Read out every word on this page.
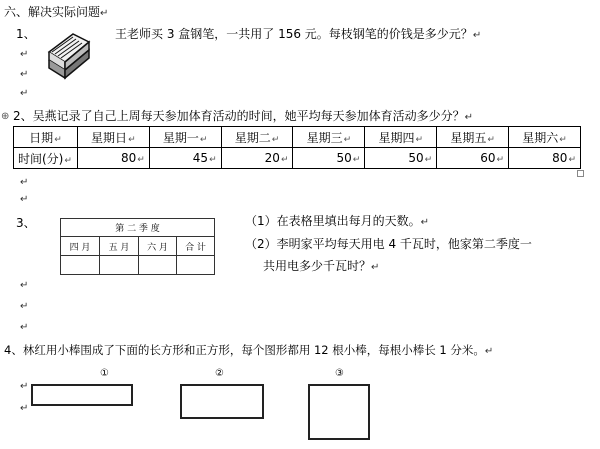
六、解决实际问题↵
1、	王老师买 3 盒钢笔，一共用了 156 元。每枝钢笔的价钱是多少元？↵
↵
↵
↵
⊕ 2、吴燕记录了自己上周每天参加体育活动的时间，她平均每天参加体育活动多少分？↵
日期↵	星期日↵	星期一↵	星期二↵	星期三↵	星期四↵	星期五↵	星期六↵
时间(分)↵	80↵	45↵	20↵	50↵	50↵	60↵	80↵
↵
↵
3、	第 二 季 度
四 月	五 月	六 月	合 计
（1）在表格里填出每月的天数。↵
（2）李明家平均每天用电 4 千瓦时，他家第二季度一
共用电多少千瓦时？↵
↵
↵
↵
4、林红用小棒围成了下面的长方形和正方形，每个图形都用 12 根小棒，每根小棒长 1 分米。↵
↵
↵
①	②	③
